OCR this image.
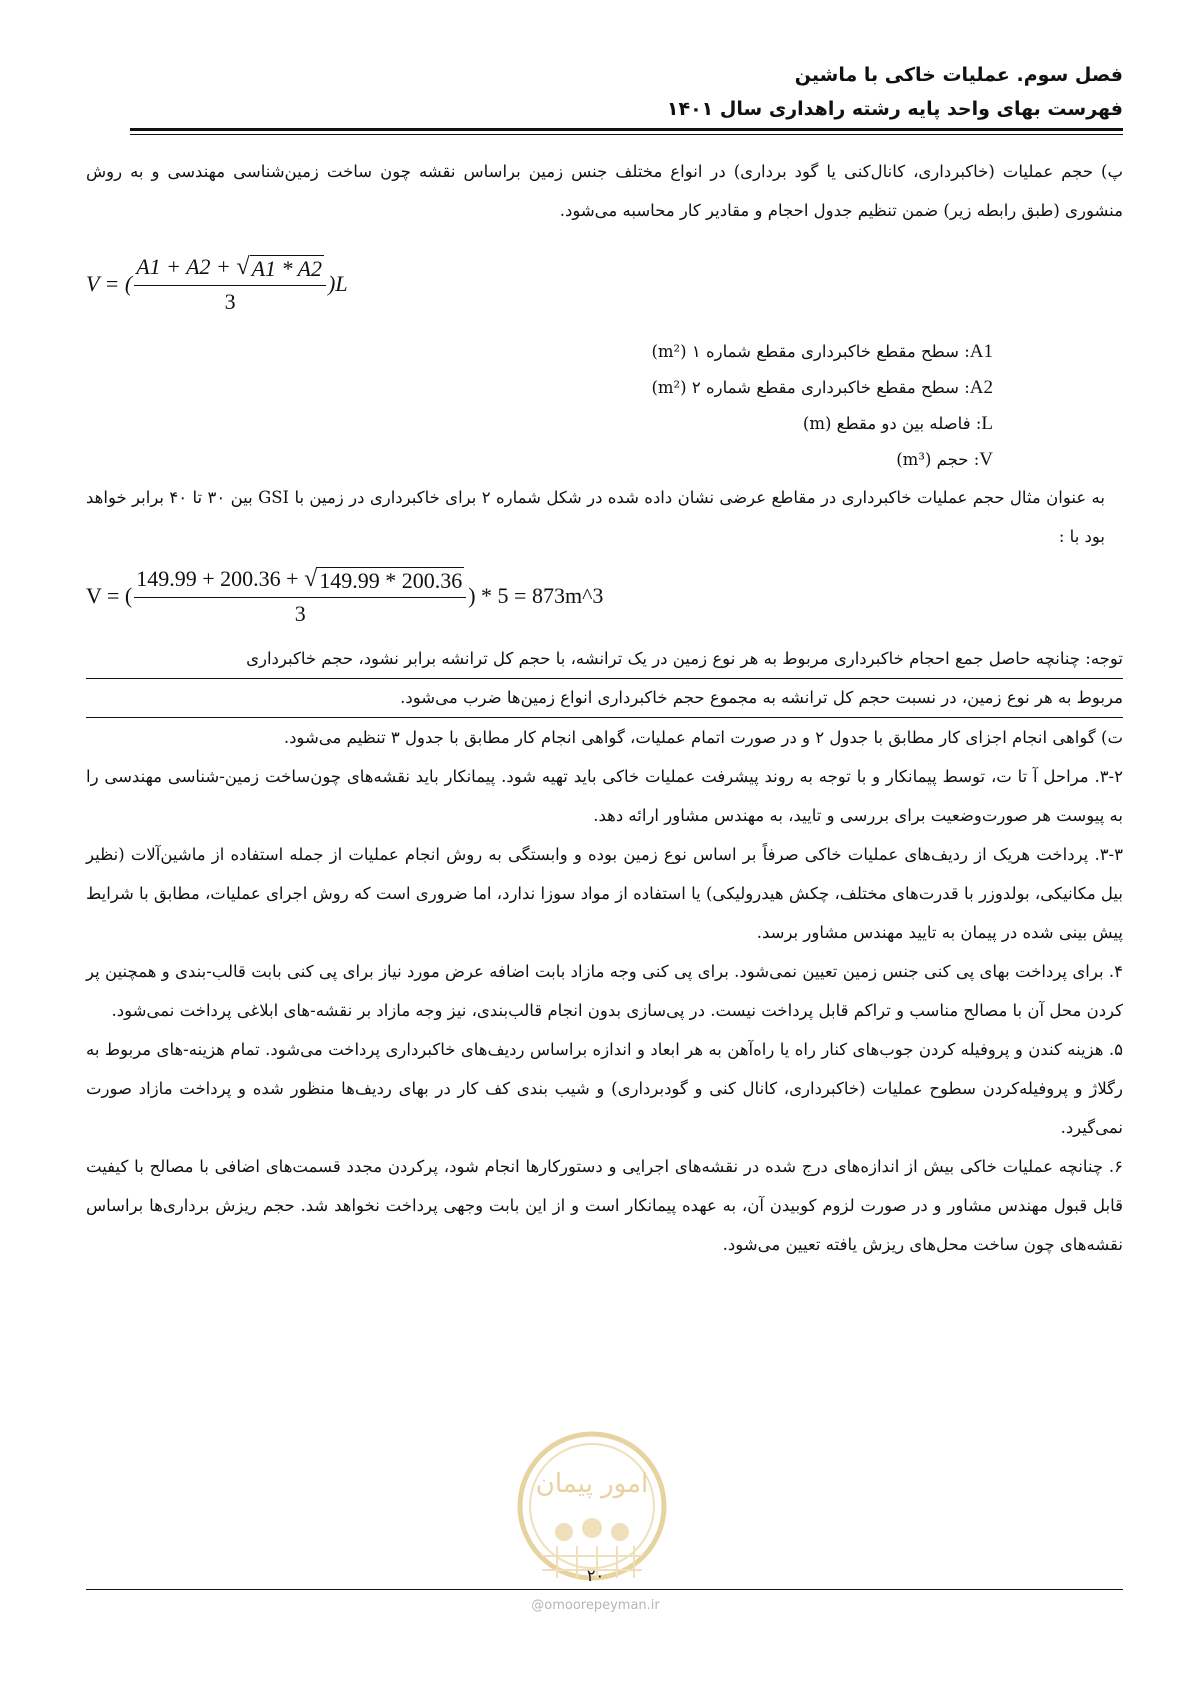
فصل سوم. عملیات خاکی با ماشین
فهرست بهای واحد پایه رشته راهداری سال ۱۴۰۱

پ) حجم عملیات (خاکبرداری، کانال‌کنی یا گود برداری) در انواع مختلف جنس زمین براساس نقشه چون ساخت زمین‌شناسی مهندسی و به روش منشوری (طبق رابطه زیر) ضمن تنظیم جدول احجام و مقادیر کار محاسبه می‌شود.

V = ( $\frac{A1 + A2 + √ A1 * A2}{3} )L$
A1: سطح مقطع خاکبرداری مقطع شماره ۱ (m²)
A2: سطح مقطع خاکبرداری مقطع شماره ۲ (m²)
L: فاصله بین دو مقطع (m)
V: حجم (m³)

به عنوان مثال حجم عملیات خاکبرداری در مقاطع عرضی نشان داده شده در شکل شماره ۲ برای خاکبرداری در زمین با GSI بین ۳۰ تا ۴۰ برابر خواهد بود با :

V = ( $\frac{149.99 + 200.36 + √ 149.99 * 200.36}{3}$ ) * 5 = 873m^3
توجه: چنانچه حاصل جمع احجام خاکبرداری مربوط به هر نوع زمین در یک ترانشه، با حجم کل ترانشه برابر نشود، حجم خاکبرداری
مربوط به هر نوع زمین، در نسبت حجم کل ترانشه به مجموع حجم خاکبرداری انواع زمین‌ها ضرب می‌شود.

ت) گواهی انجام اجزای کار مطابق با جدول ۲ و در صورت اتمام عملیات، گواهی انجام کار مطابق با جدول ۳ تنظیم می‌شود.

۳-۲. مراحل آ تا ت، توسط پیمانکار و با توجه به روند پیشرفت عملیات خاکی باید تهیه شود. پیمانکار باید نقشه‌های چون‌ساخت زمین-شناسی مهندسی را به پیوست هر صورت‌وضعیت برای بررسی و تایید، به مهندس مشاور ارائه دهد.

۳-۳. پرداخت هریک از ردیف‌های عملیات خاکی صرفاً بر اساس نوع زمین بوده و وابستگی به روش انجام عملیات از جمله استفاده از ماشین‌آلات (نظیر بیل مکانیکی، بولدوزر با قدرت‌های مختلف، چکش هیدرولیکی) یا استفاده از مواد سوزا ندارد، اما ضروری است که روش اجرای عملیات، مطابق با شرایط پیش بینی شده در پیمان به تایید مهندس مشاور برسد.

۴. برای پرداخت بهای پی کنی جنس زمین تعیین نمی‌شود. برای پی کنی وجه مازاد بابت اضافه عرض مورد نیاز برای پی کنی بابت قالب-بندی و همچنین پر کردن محل آن با مصالح مناسب و تراکم قابل پرداخت نیست. در پی‌سازی بدون انجام قالب‌بندی، نیز وجه مازاد بر نقشه-های ابلاغی پرداخت نمی‌شود.

۵. هزینه کندن و پروفیله کردن جوب‌های کنار راه یا راه‌آهن به هر ابعاد و اندازه براساس ردیف‌های خاکبرداری پرداخت می‌شود. تمام هزینه-های مربوط به رگلاژ و پروفیله‌کردن سطوح عملیات (خاکبرداری، کانال کنی و گودبرداری) و شیب بندی کف کار در بهای ردیف‌ها منظور شده و پرداخت مازاد صورت نمی‌گیرد.

۶. چنانچه عملیات خاکی بیش از اندازه‌های درج شده در نقشه‌های اجرایی و دستورکارها انجام شود، پرکردن مجدد قسمت‌های اضافی با مصالح با کیفیت قابل قبول مهندس مشاور و در صورت لزوم کوبیدن آن، به عهده پیمانکار است و از این بابت وجهی پرداخت نخواهد شد. حجم ریزش برداری‌ها براساس نقشه‌های چون ساخت محل‌های ریزش یافته تعیین می‌شود.

امور پیمان
۲۰
@omoorepeyman.ir
